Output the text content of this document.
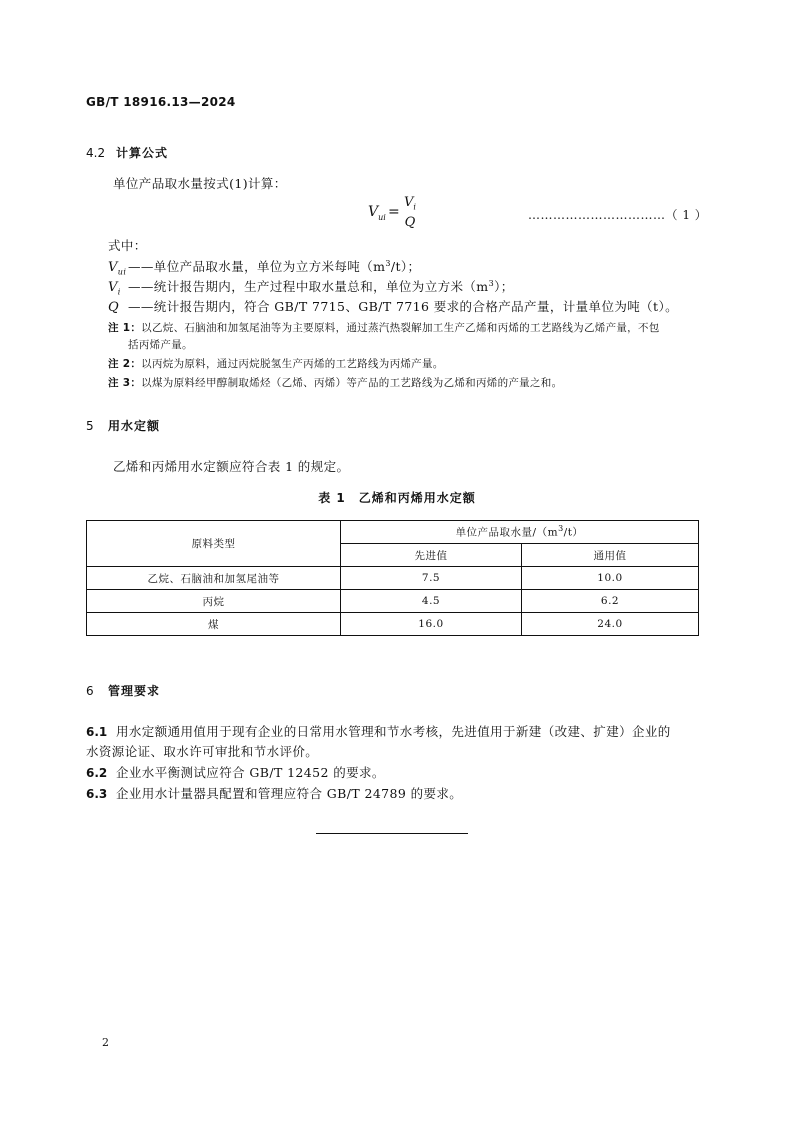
GB/T 18916.13—2024
4.2 计算公式
单位产品取水量按式(1)计算：
$V_{ui}$ =
$V_i$
Q	……………………………（ 1 ）
式中：
$V_{ui}$ ——单位产品取水量，单位为立方米每吨$(m^3/t)$；
$V_i$ ——统计报告期内，生产过程中取水量总和，单位为立方米$(m^3)$；
Q ——统计报告期内，符合 GB/T 7715、GB/T 7716 要求的合格产品产量，计量单位为吨（t）。
注 1：以乙烷、石脑油和加氢尾油等为主要原料，通过蒸汽热裂解加工生产乙烯和丙烯的工艺路线为乙烯产量，不包
括丙烯产量。
注 2：以丙烷为原料，通过丙烷脱氢生产丙烯的工艺路线为丙烯产量。
注 3：以煤为原料经甲醇制取烯烃（乙烯、丙烯）等产品的工艺路线为乙烯和丙烯的产量之和。
5 用水定额
乙烯和丙烯用水定额应符合表 1 的规定。
表 1　乙烯和丙烯用水定额
原料类型	单位产品取水量$/(m^3/t)$	
	先进值	通用值
乙烷、石脑油和加氢尾油等	7.5	10.0
丙烷	4.5	6.2
煤	16.0	24.0
6 管理要求
6.1 用水定额通用值用于现有企业的日常用水管理和节水考核，先进值用于新建（改建、扩建）企业的
水资源论证、取水许可审批和节水评价。
6.2 企业水平衡测试应符合 GB/T 12452 的要求。
6.3 企业用水计量器具配置和管理应符合 GB/T 24789 的要求。
2
